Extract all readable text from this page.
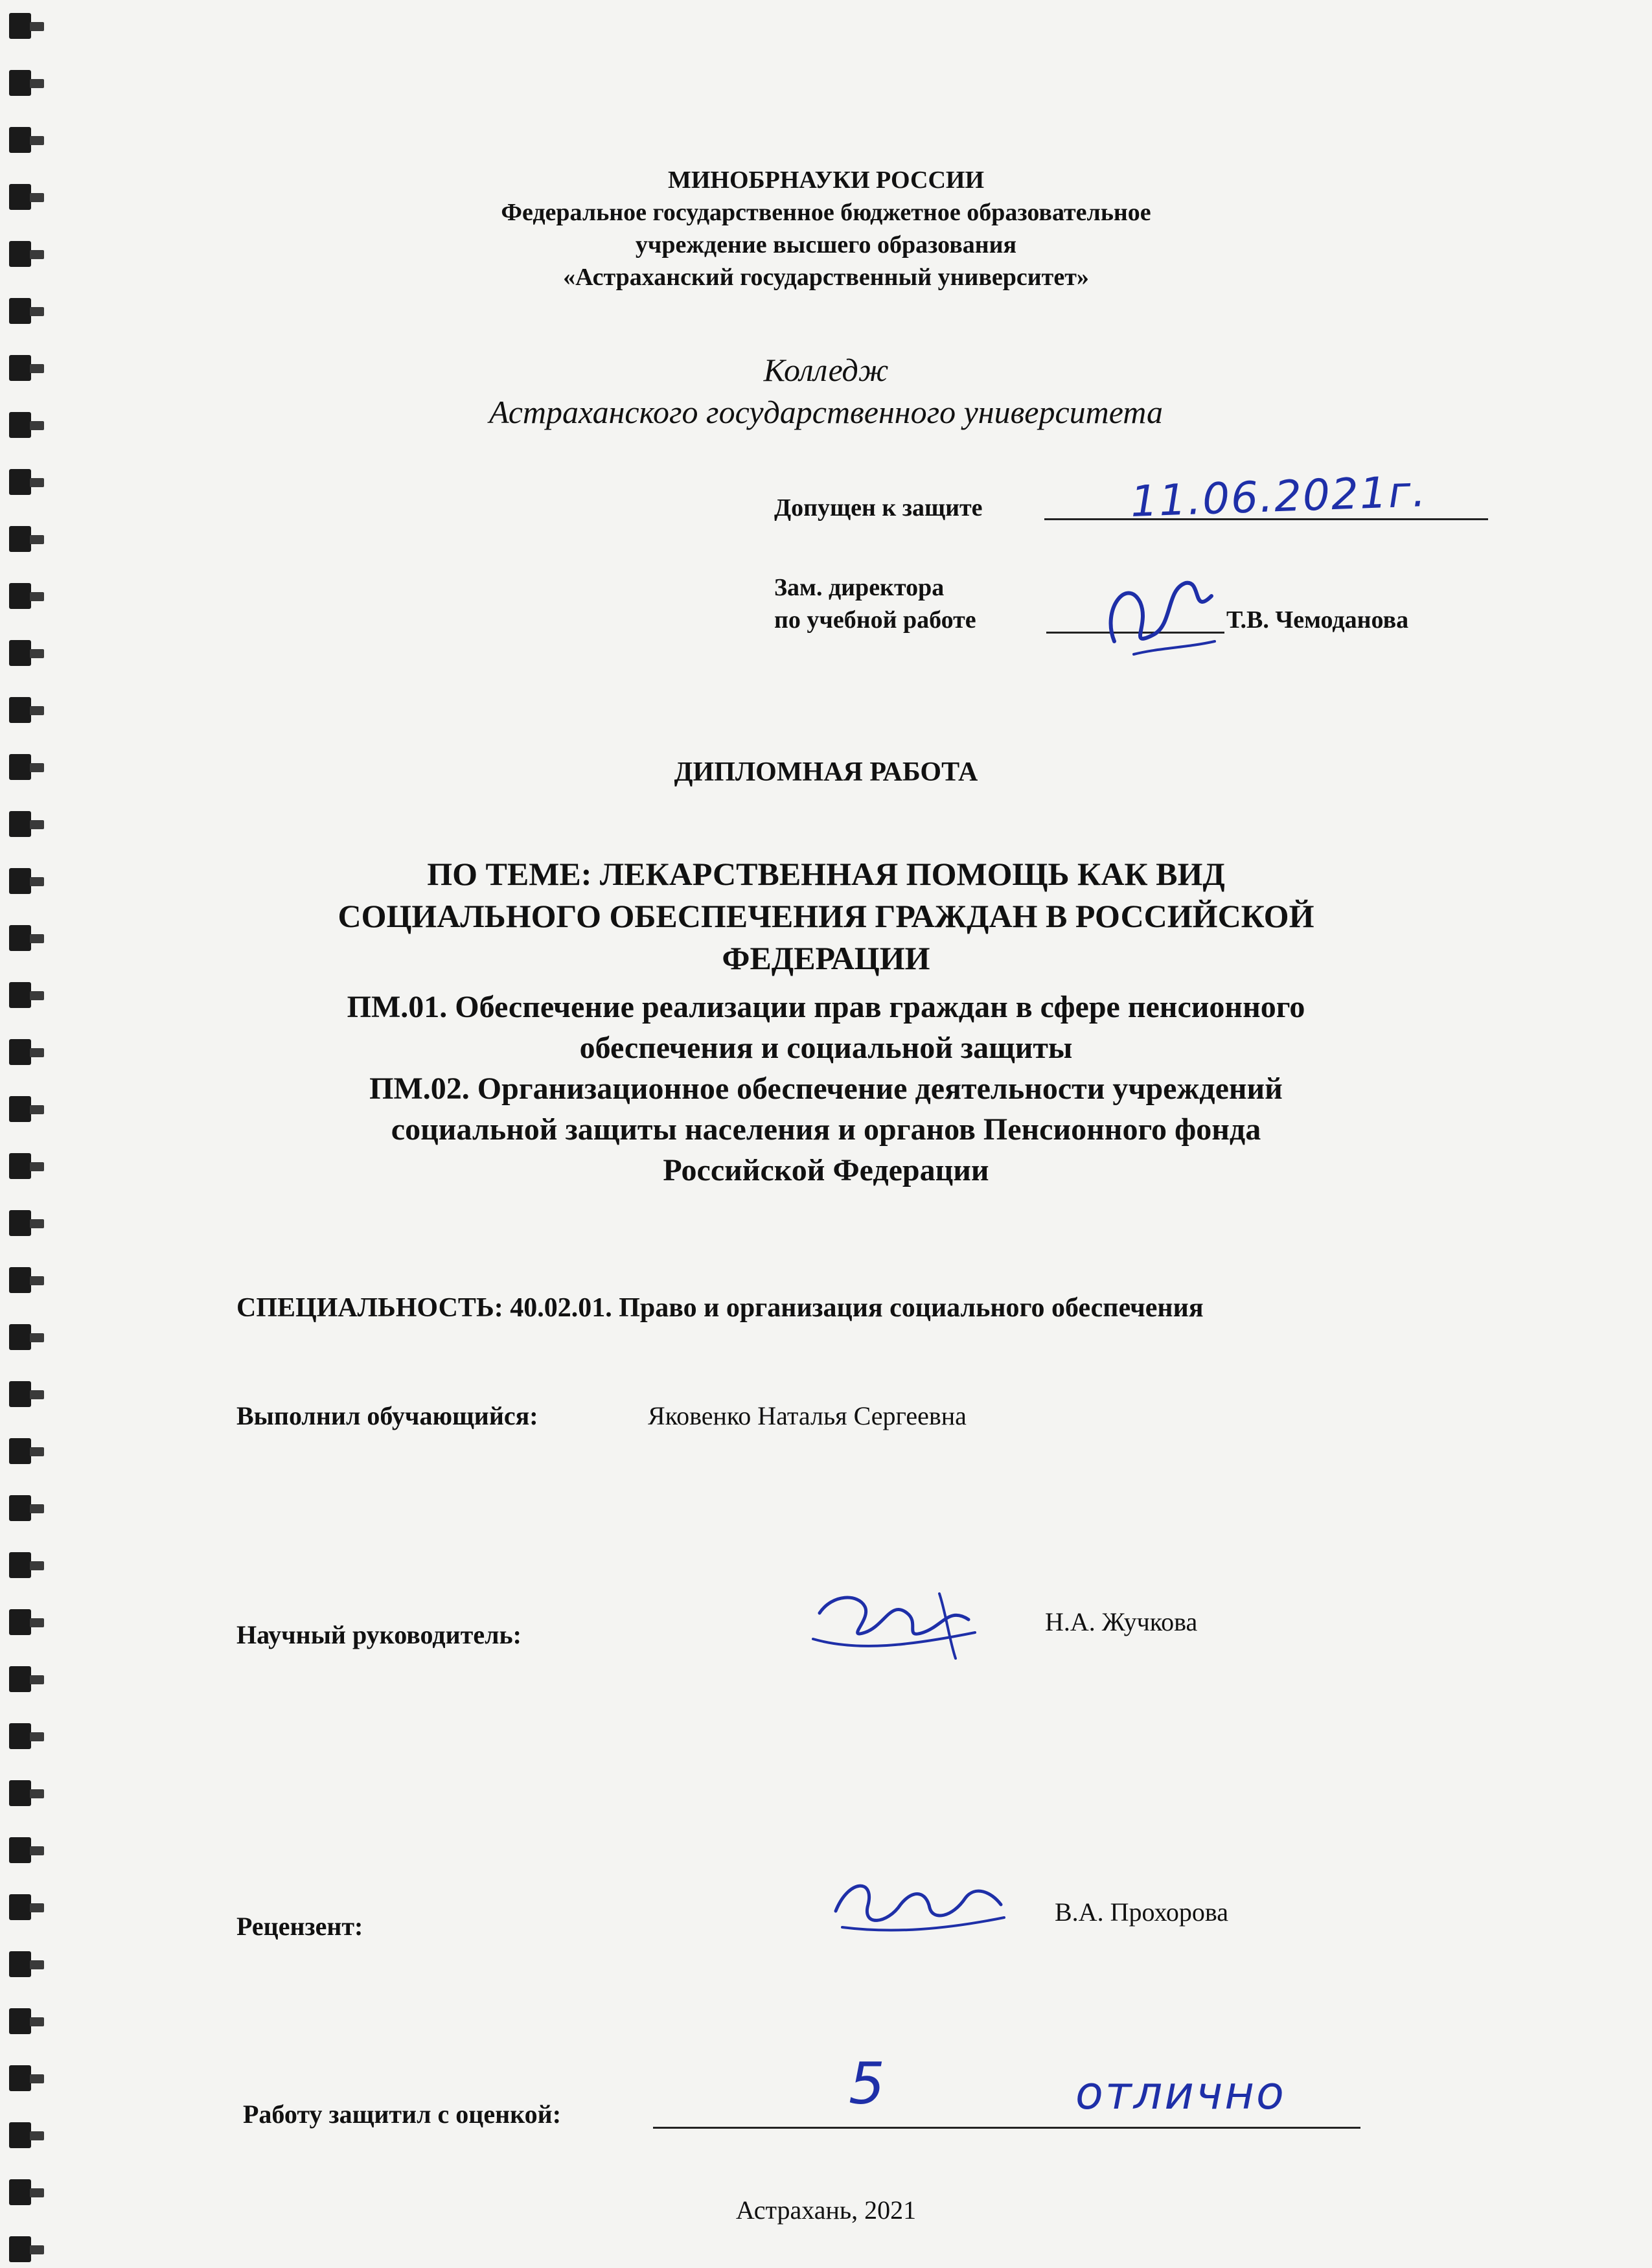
МИНОБРНАУКИ РОССИИ
Федеральное государственное бюджетное образовательное
учреждение высшего образования
«Астраханский государственный университет»
Колледж
Астраханского государственного университета
Допущен к защите	11.06.2021г.
Зам. директора
по учебной работе	Т.В. Чемоданова
ДИПЛОМНАЯ РАБОТА
ПО ТЕМЕ: ЛЕКАРСТВЕННАЯ ПОМОЩЬ КАК ВИД
СОЦИАЛЬНОГО ОБЕСПЕЧЕНИЯ ГРАЖДАН В РОССИЙСКОЙ
ФЕДЕРАЦИИ
ПМ.01. Обеспечение реализации прав граждан в сфере пенсионного
обеспечения и социальной защиты
ПМ.02. Организационное обеспечение деятельности учреждений
социальной защиты населения и органов Пенсионного фонда
Российской Федерации
СПЕЦИАЛЬНОСТЬ: 40.02.01. Право и организация социального обеспечения
Выполнил обучающийся:	Яковенко Наталья Сергеевна
Научный руководитель:	Н.А. Жучкова
Рецензент:	В.А. Прохорова
Работу защитил с оценкой:	5	отлично
Астрахань, 2021
